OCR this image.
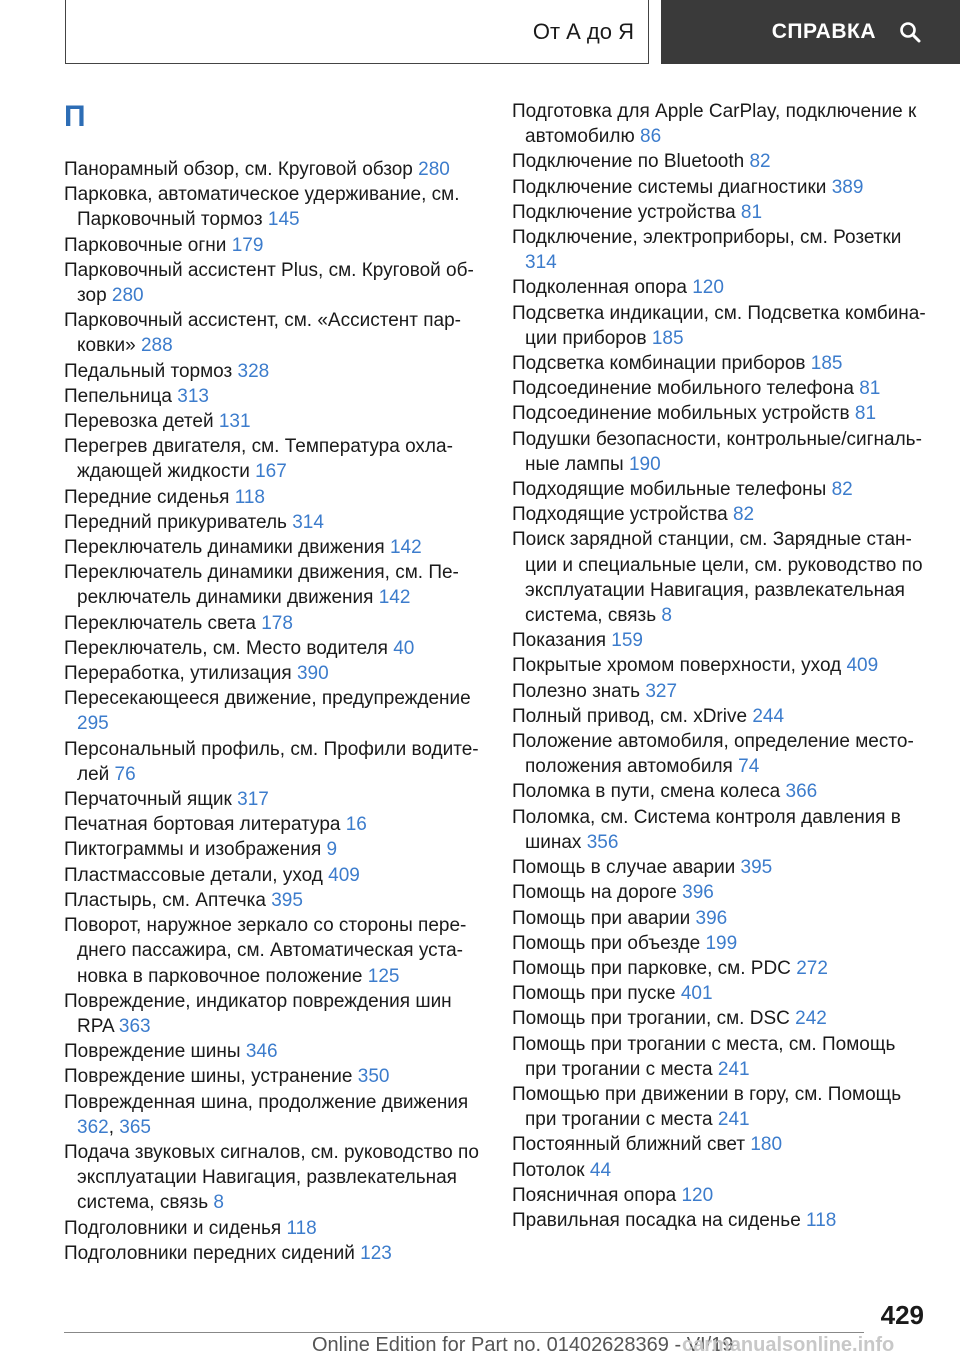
От А до Я	СПРАВКА
П
Панорамный обзор, см. Круговой обзор 280
Парковка, автоматическое удерживание, см. Парковочный тормоз 145
Парковочные огни 179
Парковочный ассистент Plus, см. Круговой обзор 280
Парковочный ассистент, см. «Ассистент парковки» 288
Педальный тормоз 328
Пепельница 313
Перевозка детей 131
Перегрев двигателя, см. Температура охлаждающей жидкости 167
Передние сиденья 118
Передний прикуриватель 314
Переключатель динамики движения 142
Переключатель динамики движения, см. Переключатель динамики движения 142
Переключатель света 178
Переключатель, см. Место водителя 40
Переработка, утилизация 390
Пересекающееся движение, предупреждение 295
Персональный профиль, см. Профили водителей 76
Перчаточный ящик 317
Печатная бортовая литература 16
Пиктограммы и изображения 9
Пластмассовые детали, уход 409
Пластырь, см. Аптечка 395
Поворот, наружное зеркало со стороны переднего пассажира, см. Автоматическая установка в парковочное положение 125
Повреждение, индикатор повреждения шин RPA 363
Повреждение шины 346
Повреждение шины, устранение 350
Поврежденная шина, продолжение движения 362, 365
Подача звуковых сигналов, см. руководство по эксплуатации Навигация, развлекательная система, связь 8
Подголовники и сиденья 118
Подголовники передних сидений 123
Подготовка для Apple CarPlay, подключение к автомобилю 86
Подключение по Bluetooth 82
Подключение системы диагностики 389
Подключение устройства 81
Подключение, электроприборы, см. Розетки 314
Подколенная опора 120
Подсветка индикации, см. Подсветка комбинации приборов 185
Подсветка комбинации приборов 185
Подсоединение мобильного телефона 81
Подсоединение мобильных устройств 81
Подушки безопасности, контрольные/сигнальные лампы 190
Подходящие мобильные телефоны 82
Подходящие устройства 82
Поиск зарядной станции, см. Зарядные станции и специальные цели, см. руководство по эксплуатации Навигация, развлекательная система, связь 8
Показания 159
Покрытые хромом поверхности, уход 409
Полезно знать 327
Полный привод, см. xDrive 244
Положение автомобиля, определение местоположения автомобиля 74
Поломка в пути, смена колеса 366
Поломка, см. Система контроля давления в шинах 356
Помощь в случае аварии 395
Помощь на дороге 396
Помощь при аварии 396
Помощь при объезде 199
Помощь при парковке, см. PDC 272
Помощь при пуске 401
Помощь при трогании, см. DSC 242
Помощь при трогании с места, см. Помощь при трогании с места 241
Помощью при движении в гору, см. Помощь при трогании с места 241
Постоянный ближний свет 180
Потолок 44
Поясничная опора 120
Правильная посадка на сиденье 118
429
Online Edition for Part no. 01402628369 - VI/19
carmanualsonline.info
